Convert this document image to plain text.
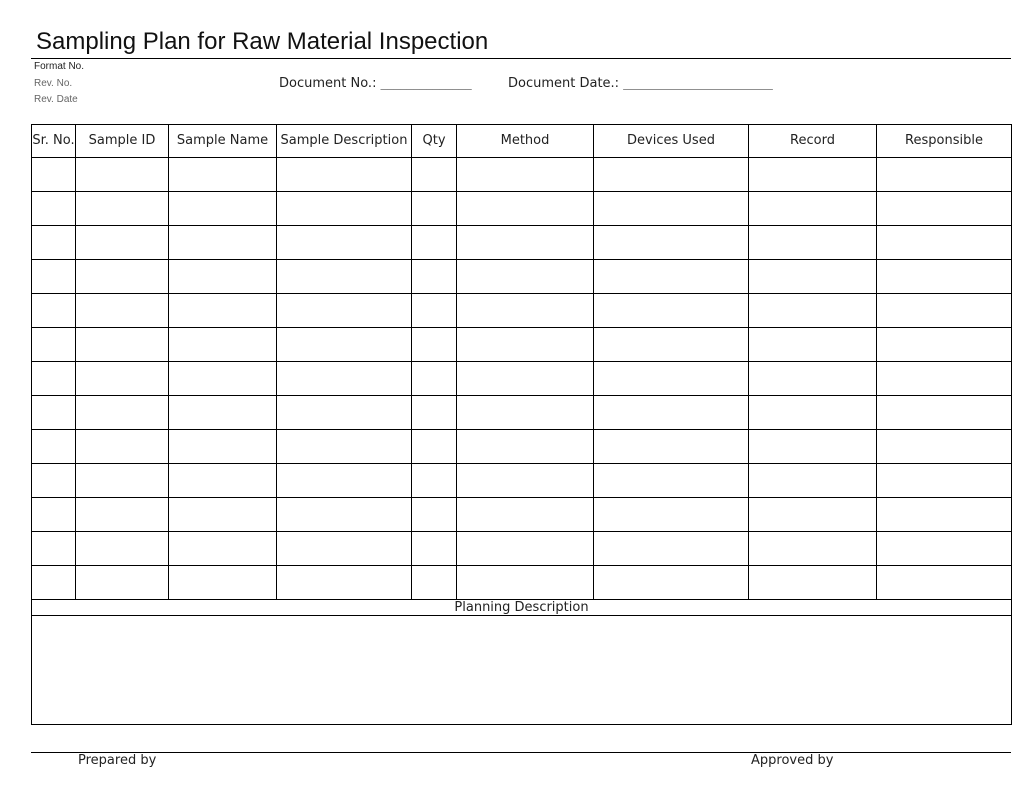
Sampling Plan for Raw Material Inspection
Format No.
Rev. No.
Rev. Date
Document No.: ______________	Document Date.: _______________________
Sr. No.	Sample ID	Sample Name	Sample Description	Qty	Method	Devices Used	Record	Responsible

Planning Description								

Prepared by	Approved by
